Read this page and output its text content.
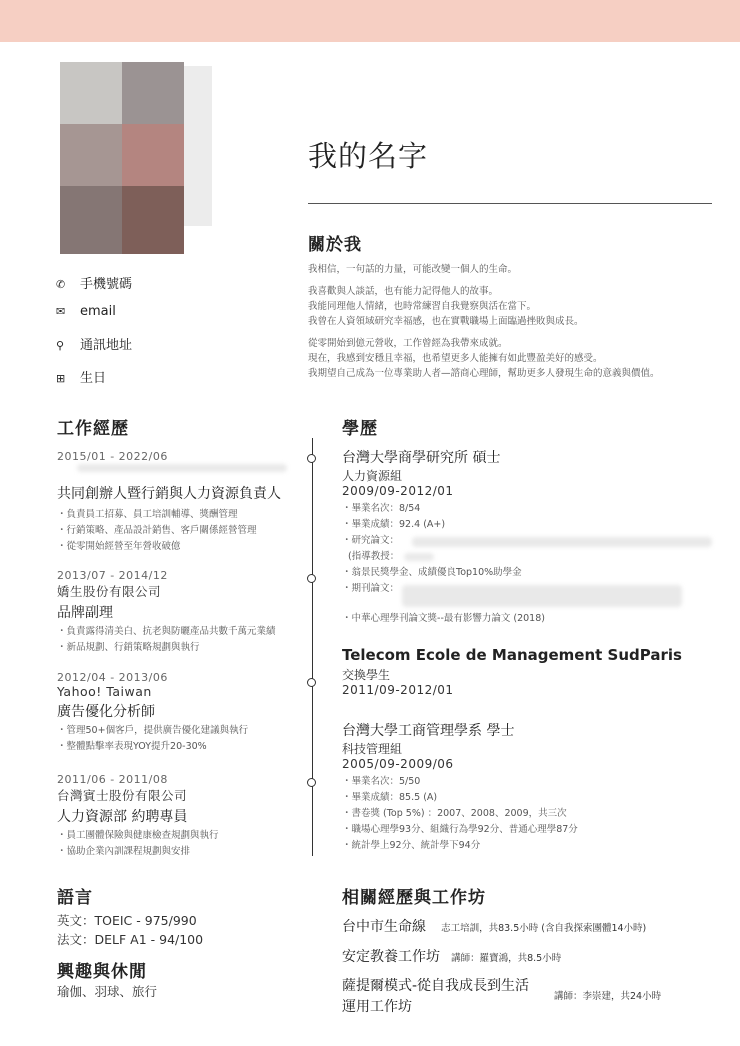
我的名字
✆ 手機號碼
✉ email
⚲ 通訊地址
⊞ 生日
關於我
我相信，一句話的力量，可能改變一個人的生命。
我喜歡與人談話，也有能力記得他人的故事。
我能同理他人情緒，也時常練習自我覺察與活在當下。
我曾在人資領域研究幸福感，也在實戰職場上面臨過挫敗與成長。
從零開始到億元營收，工作曾經為我帶來成就。
現在，我感到安穩且幸福，也希望更多人能擁有如此豐盈美好的感受。
我期望自己成為一位專業助人者—諮商心理師，幫助更多人發現生命的意義與價值。
工作經歷
2015/01 - 2022/06
共同創辦人暨行銷與人力資源負責人
・負責員工招募、員工培訓輔導、獎酬管理
・行銷策略、產品設計銷售、客戶關係經營管理
・從零開始經營至年營收破億
2013/07 - 2014/12
嬌生股份有限公司
品牌副理
・負責露得清美白、抗老與防曬產品共數千萬元業績
・新品規劃、行銷策略規劃與執行
2012/04 - 2013/06
Yahoo! Taiwan
廣告優化分析師
・管理50+個客戶，提供廣告優化建議與執行
・整體點擊率表現YOY提升20-30%
2011/06 - 2011/08
台灣賓士股份有限公司
人力資源部 約聘專員
・員工團體保險與健康檢查規劃與執行
・協助企業內訓課程規劃與安排
學歷
台灣大學商學研究所 碩士
人力資源組
2009/09-2012/01
・畢業名次：8/54
・畢業成績：92.4 (A+)
・研究論文：
(指導教授：
・翁景民獎學金、成績優良Top10%助學金
・期刊論文：
・中華心理學刊論文獎--最有影響力論文 (2018)
Telecom Ecole de Management SudParis
交換學生
2011/09-2012/01
台灣大學工商管理學系 學士
科技管理組
2005/09-2009/06
・畢業名次：5/50
・畢業成績：85.5 (A)
・書卷獎 (Top 5%) ：2007、2008、2009，共三次
・職場心理學93分、組織行為學92分、普通心理學87分
・統計學上92分、統計學下94分
語言
英文：TOEIC - 975/990
法文：DELF A1 - 94/100
興趣與休閒
瑜伽、羽球、旅行
相關經歷與工作坊
台中市生命線 志工培訓，共83.5小時 (含自我探索團體14小時)
安定教養工作坊 講師：羅寶鴻，共8.5小時
薩提爾模式-從自我成長到生活
運用工作坊
講師：李崇建，共24小時
